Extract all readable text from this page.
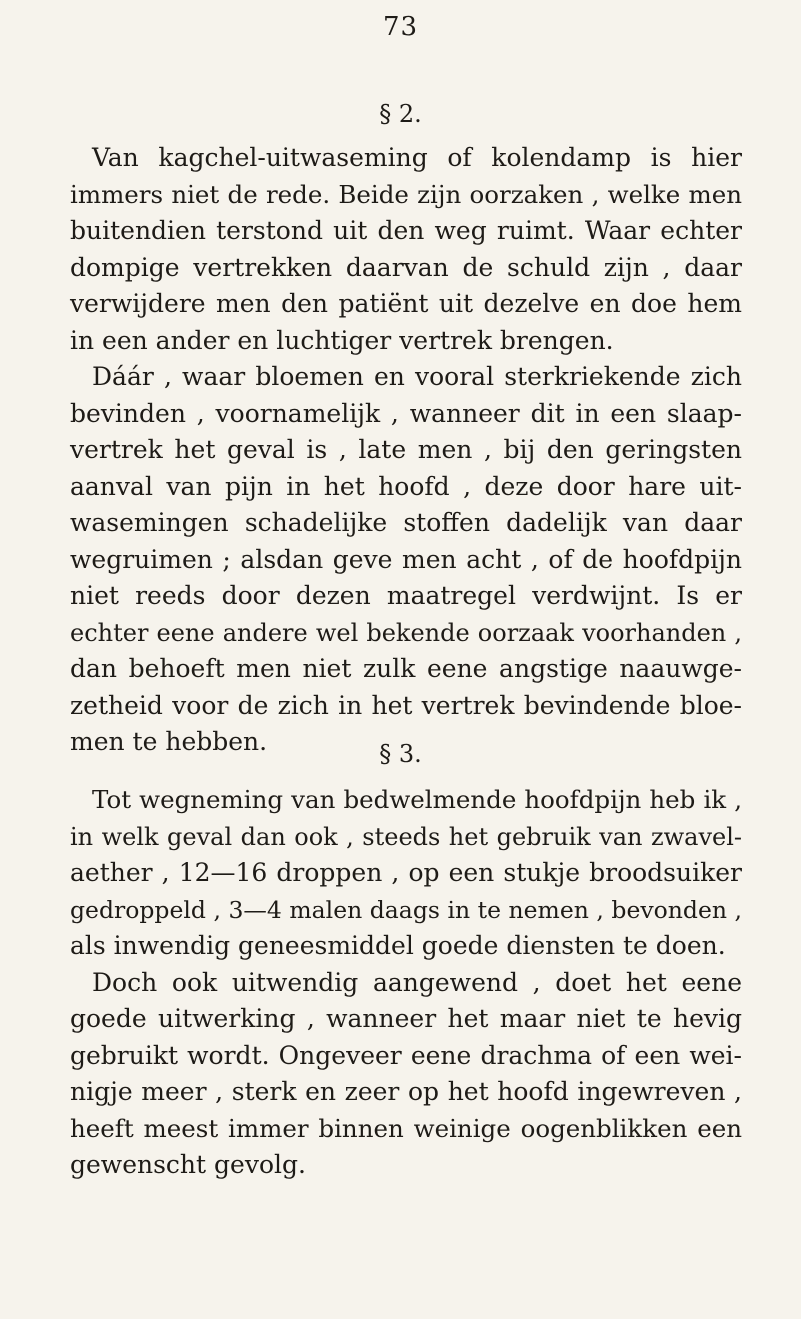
73
§ 2.
Van kagchel-uitwaseming of kolendamp is hier
immers niet de rede. Beide zijn oorzaken , welke men
buitendien terstond uit den weg ruimt. Waar echter
dompige vertrekken daarvan de schuld zijn , daar
verwijdere men den patiënt uit dezelve en doe hem
in een ander en luchtiger vertrek brengen.
Dáár , waar bloemen en vooral sterkriekende zich
bevinden , voornamelijk , wanneer dit in een slaap-
vertrek het geval is , late men , bij den geringsten
aanval van pijn in het hoofd , deze door hare uit-
wasemingen schadelijke stoffen dadelijk van daar
wegruimen ; alsdan geve men acht , of de hoofdpijn
niet reeds door dezen maatregel verdwijnt. Is er
echter eene andere wel bekende oorzaak voorhanden ,
dan behoeft men niet zulk eene angstige naauwge-
zetheid voor de zich in het vertrek bevindende bloe-
men te hebben.	§ 3.
Tot wegneming van bedwelmende hoofdpijn heb ik ,
in welk geval dan ook , steeds het gebruik van zwavel-
aether , 12—16 droppen , op een stukje broodsuiker
gedroppeld , 3—4 malen daags in te nemen , bevonden ,
als inwendig geneesmiddel goede diensten te doen.
Doch ook uitwendig aangewend , doet het eene
goede uitwerking , wanneer het maar niet te hevig
gebruikt wordt. Ongeveer eene drachma of een wei-
nigje meer , sterk en zeer op het hoofd ingewreven ,
heeft meest immer binnen weinige oogenblikken een
gewenscht gevolg.
